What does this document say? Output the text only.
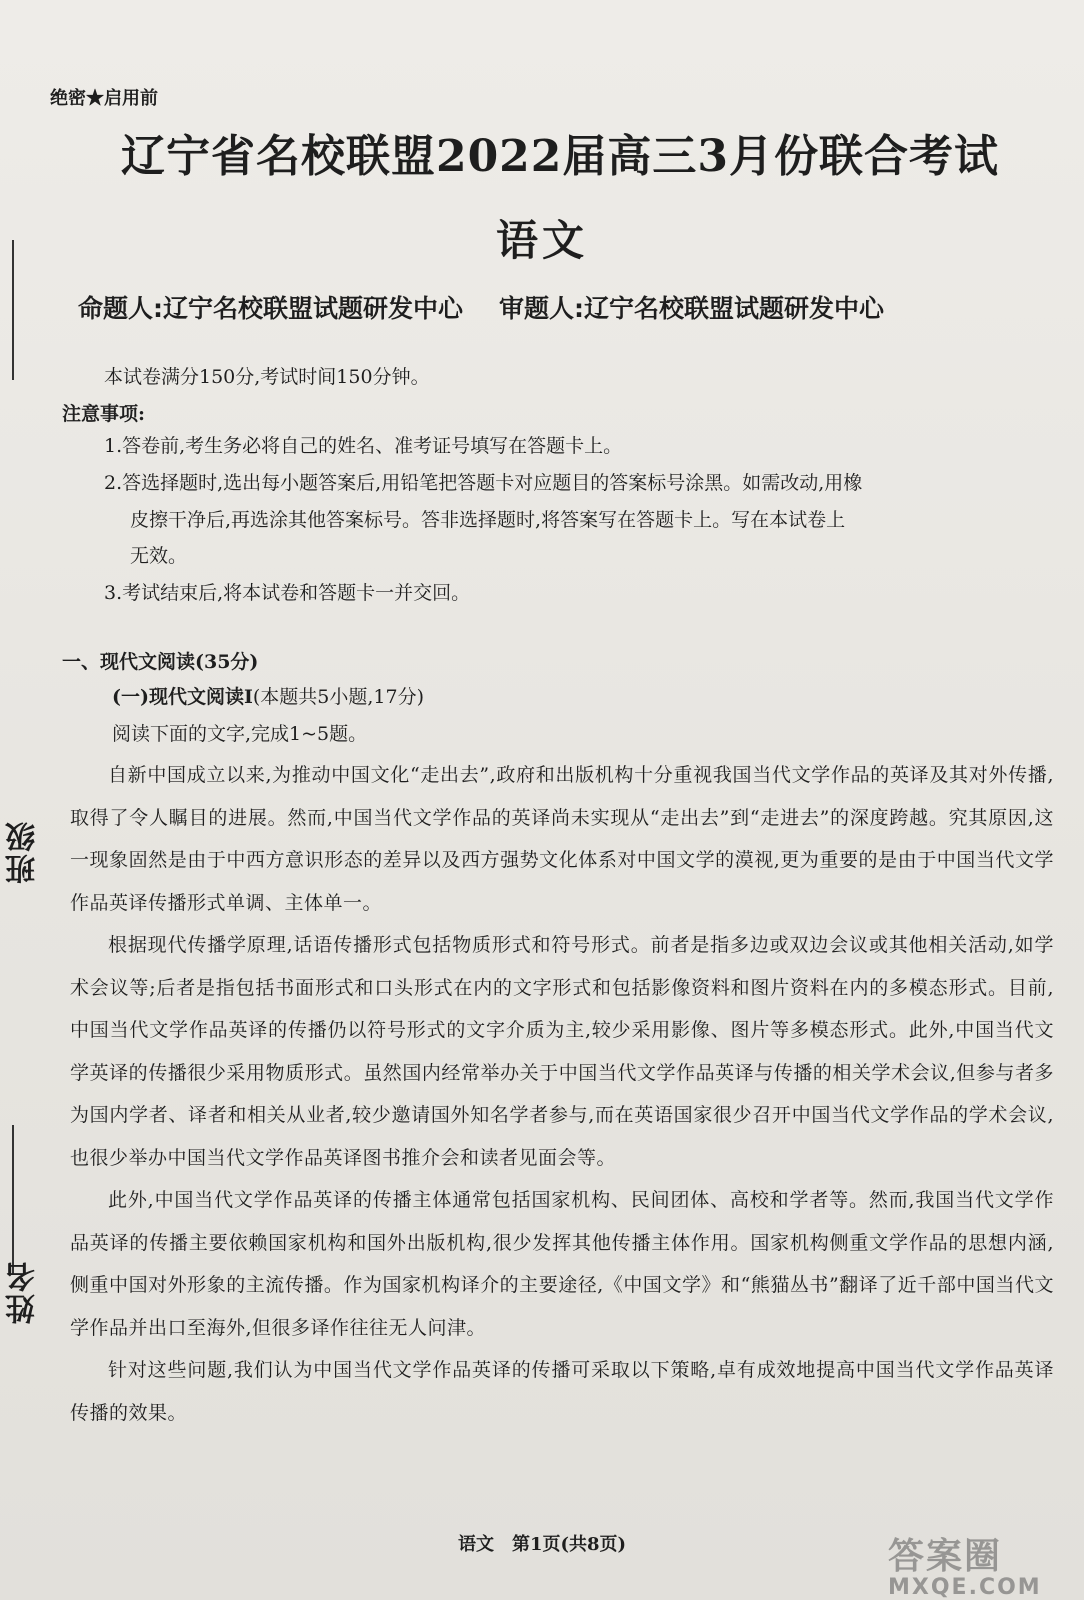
班级
姓名
绝密★启用前
辽宁省名校联盟2022届高三3月份联合考试
语文
命题人:辽宁名校联盟试题研发中心 审题人:辽宁名校联盟试题研发中心
本试卷满分150分,考试时间150分钟。
注意事项:
1.答卷前,考生务必将自己的姓名、准考证号填写在答题卡上。
2.答选择题时,选出每小题答案后,用铅笔把答题卡对应题目的答案标号涂黑。如需改动,用橡
皮擦干净后,再选涂其他答案标号。答非选择题时,将答案写在答题卡上。写在本试卷上
无效。
3.考试结束后,将本试卷和答题卡一并交回。
一、现代文阅读(35分)
(一)现代文阅读Ⅰ(本题共5小题,17分)
阅读下面的文字,完成1~5题。

自新中国成立以来,为推动中国文化“走出去”,政府和出版机构十分重视我国当代文学作品的英译及其对外传播,取得了令人瞩目的进展。然而,中国当代文学作品的英译尚未实现从“走出去”到“走进去”的深度跨越。究其原因,这一现象固然是由于中西方意识形态的差异以及西方强势文化体系对中国文学的漠视,更为重要的是由于中国当代文学作品英译传播形式单调、主体单一。

根据现代传播学原理,话语传播形式包括物质形式和符号形式。前者是指多边或双边会议或其他相关活动,如学术会议等;后者是指包括书面形式和口头形式在内的文字形式和包括影像资料和图片资料在内的多模态形式。目前,中国当代文学作品英译的传播仍以符号形式的文字介质为主,较少采用影像、图片等多模态形式。此外,中国当代文学英译的传播很少采用物质形式。虽然国内经常举办关于中国当代文学作品英译与传播的相关学术会议,但参与者多为国内学者、译者和相关从业者,较少邀请国外知名学者参与,而在英语国家很少召开中国当代文学作品的学术会议,也很少举办中国当代文学作品英译图书推介会和读者见面会等。

此外,中国当代文学作品英译的传播主体通常包括国家机构、民间团体、高校和学者等。然而,我国当代文学作品英译的传播主要依赖国家机构和国外出版机构,很少发挥其他传播主体作用。国家机构侧重文学作品的思想内涵,侧重中国对外形象的主流传播。作为国家机构译介的主要途径,《中国文学》和“熊猫丛书”翻译了近千部中国当代文学作品并出口至海外,但很多译作往往无人问津。

针对这些问题,我们认为中国当代文学作品英译的传播可采取以下策略,卓有成效地提高中国当代文学作品英译传播的效果。

语文　第1页(共8页)	答案圈
MXQE.COM
